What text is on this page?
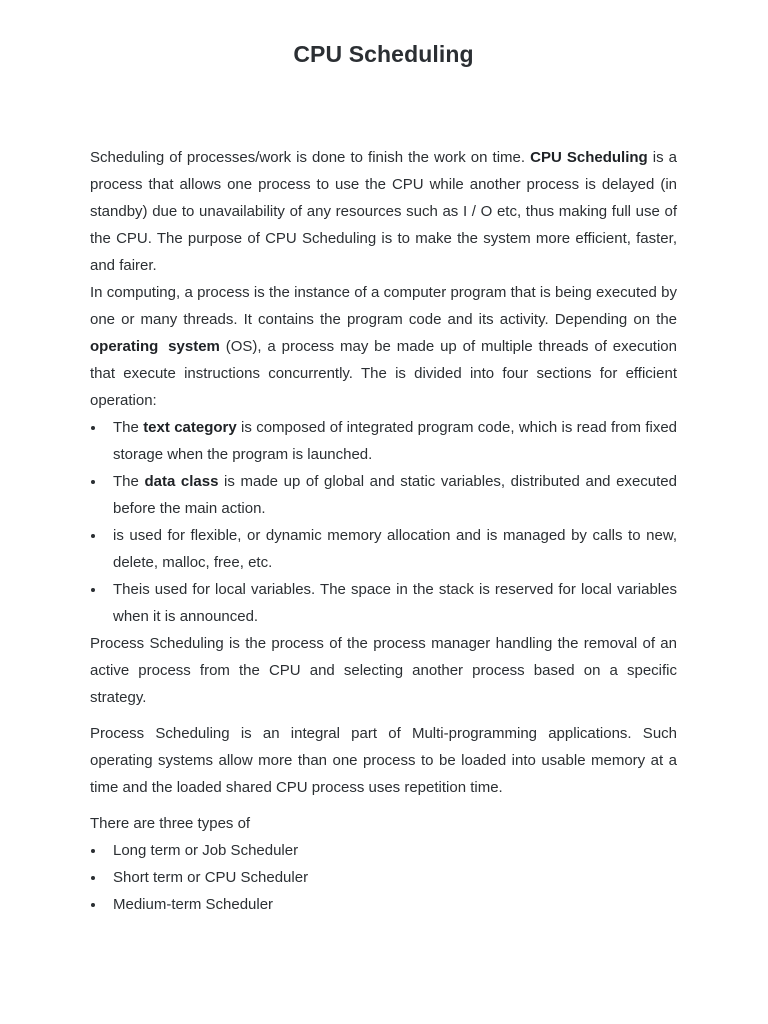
CPU Scheduling

Scheduling of processes/work is done to finish the work on time. CPU Scheduling is a process that allows one process to use the CPU while another process is delayed (in standby) due to unavailability of any resources such as I / O etc, thus making full use of the CPU. The purpose of CPU Scheduling is to make the system more efficient, faster, and fairer.

In computing, a process is the instance of a computer program that is being executed by one or many threads. It contains the program code and its activity. Depending on the operating system (OS), a process may be made up of multiple threads of execution that execute instructions concurrently. The is divided into four sections for efficient operation:

The text category is composed of integrated program code, which is read from fixed storage when the program is launched.
The data class is made up of global and static variables, distributed and executed before the main action.
is used for flexible, or dynamic memory allocation and is managed by calls to new, delete, malloc, free, etc.
Theis used for local variables. The space in the stack is reserved for local variables when it is announced.

Process Scheduling is the process of the process manager handling the removal of an active process from the CPU and selecting another process based on a specific strategy.

Process Scheduling is an integral part of Multi-programming applications. Such operating systems allow more than one process to be loaded into usable memory at a time and the loaded shared CPU process uses repetition time.

There are three types of

Long term or Job Scheduler
Short term or CPU Scheduler
Medium-term Scheduler
